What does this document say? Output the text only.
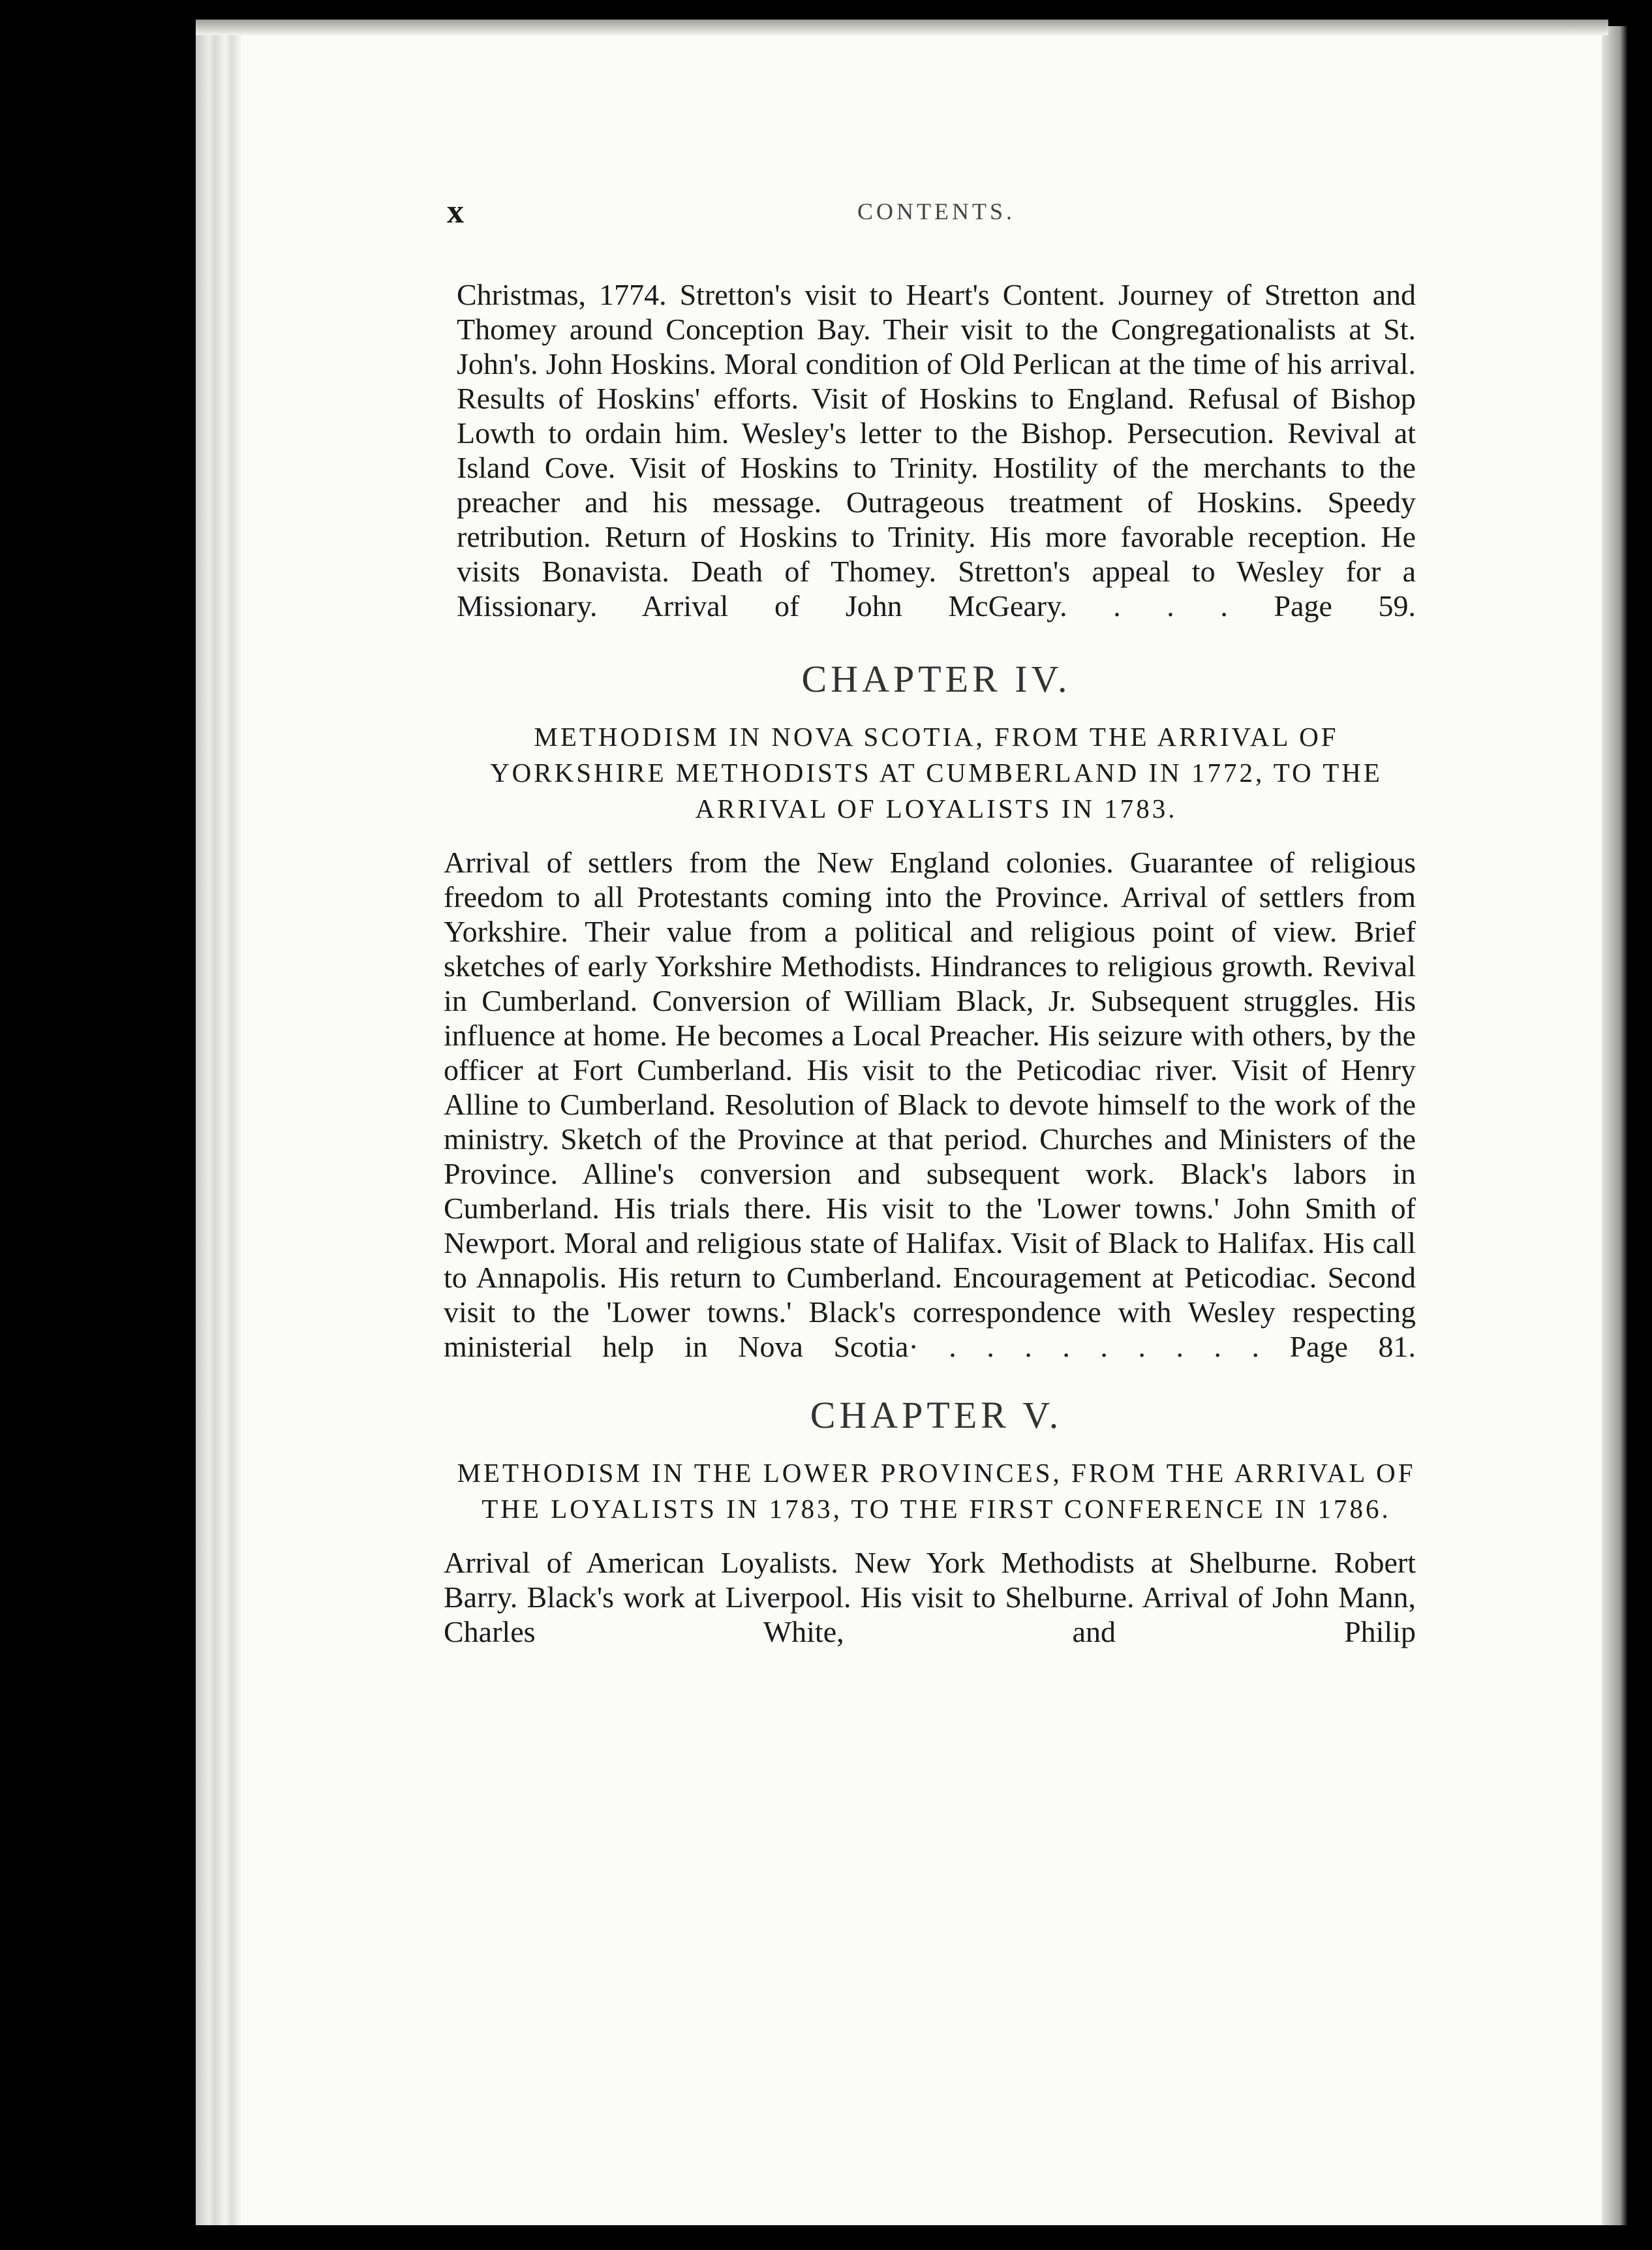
x	CONTENTS.

Christmas, 1774. Stretton's visit to Heart's Content. Journey of Stretton and Thomey around Conception Bay. Their visit to the Congregationalists at St. John's. John Hoskins. Moral condition of Old Perlican at the time of his arrival. Results of Hoskins' efforts. Visit of Hoskins to England. Refusal of Bishop Lowth to ordain him. Wesley's letter to the Bishop. Persecution. Revival at Island Cove. Visit of Hoskins to Trinity. Hostility of the merchants to the preacher and his message. Outrageous treatment of Hoskins. Speedy retribution. Return of Hoskins to Trinity. His more favorable reception. He visits Bonavista. Death of Thomey. Stretton's appeal to Wesley for a Missionary. Arrival of John McGeary. . . . Page 59.

CHAPTER IV.
METHODISM IN NOVA SCOTIA, FROM THE ARRIVAL OF YORKSHIRE METHODISTS AT CUMBERLAND IN 1772, TO THE ARRIVAL OF LOYALISTS IN 1783.

Arrival of settlers from the New England colonies. Guarantee of religious freedom to all Protestants coming into the Province. Arrival of settlers from Yorkshire. Their value from a political and religious point of view. Brief sketches of early Yorkshire Methodists. Hindrances to religious growth. Revival in Cumberland. Conversion of William Black, Jr. Subsequent struggles. His influence at home. He becomes a Local Preacher. His seizure with others, by the officer at Fort Cumberland. His visit to the Peticodiac river. Visit of Henry Alline to Cumberland. Resolution of Black to devote himself to the work of the ministry. Sketch of the Province at that period. Churches and Ministers of the Province. Alline's conversion and subsequent work. Black's labors in Cumberland. His trials there. His visit to the 'Lower towns.' John Smith of Newport. Moral and religious state of Halifax. Visit of Black to Halifax. His call to Annapolis. His return to Cumberland. Encouragement at Peticodiac. Second visit to the 'Lower towns.' Black's correspondence with Wesley respecting ministerial help in Nova Scotia· . . . . . . . . . Page 81.

CHAPTER V.
METHODISM IN THE LOWER PROVINCES, FROM THE ARRIVAL OF THE LOYALISTS IN 1783, TO THE FIRST CONFERENCE IN 1786.

Arrival of American Loyalists. New York Methodists at Shelburne. Robert Barry. Black's work at Liverpool. His visit to Shelburne. Arrival of John Mann, Charles White, and Philip
